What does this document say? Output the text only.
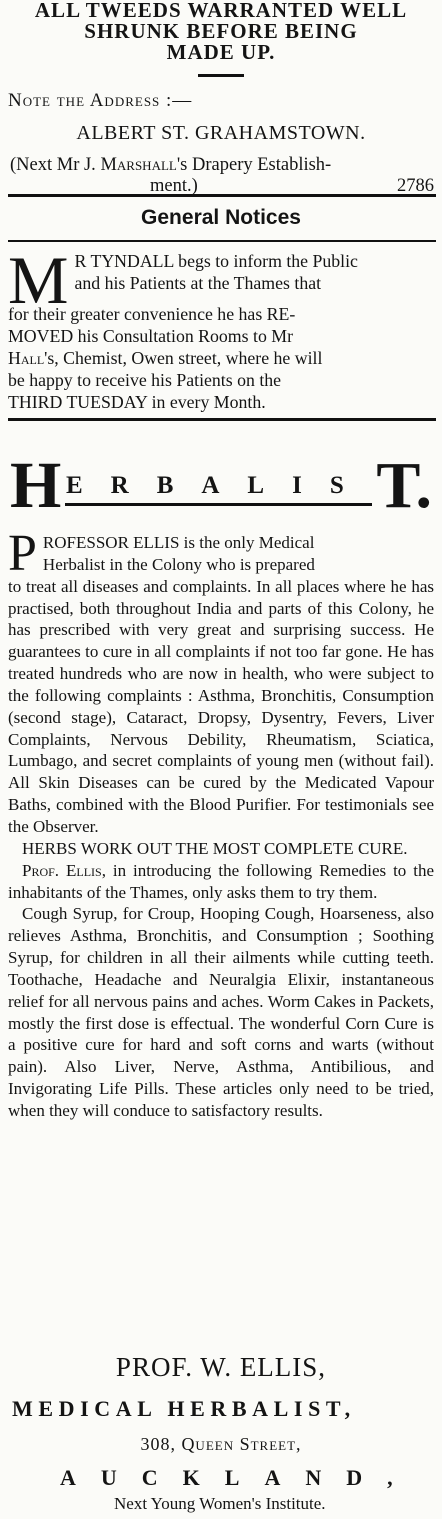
ALL TWEEDS WARRANTED WELL
SHRUNK BEFORE BEING
MADE UP.
Note the Address :—
ALBERT ST. GRAHAMSTOWN.
(Next Mr J. Marshall's Drapery Establish-
ment.)	2786
General Notices
M R TYNDALL begs to inform the Public
and his Patients at the Thames that
for their greater convenience he has RE-
MOVED his Consultation Rooms to Mr
Hall's, Chemist, Owen street, where he will
be happy to receive his Patients on the
THIRD TUESDAY in every Month.
H ERBALIS T.
P ROFESSOR ELLIS is the only Medical
Herbalist in the Colony who is prepared

to treat all diseases and complaints. In all places where he has practised, both throughout India and parts of this Colony, he has prescribed with very great and surprising success. He guarantees to cure in all complaints if not too far gone. He has treated hundreds who are now in health, who were subject to the following complaints : Asthma, Bronchitis, Consumption (second stage), Cataract, Dropsy, Dysentry, Fevers, Liver Complaints, Nervous Debility, Rheumatism, Sciatica, Lumbago, and secret complaints of young men (without fail). All Skin Diseases can be cured by the Medicated Vapour Baths, combined with the Blood Purifier. For testimonials see the Observer.

HERBS WORK OUT THE MOST COMPLETE CURE.

Prof. Ellis, in introducing the following Remedies to the inhabitants of the Thames, only asks them to try them.

Cough Syrup, for Croup, Hooping Cough, Hoarseness, also relieves Asthma, Bronchitis, and Consumption ; Soothing Syrup, for children in all their ailments while cutting teeth. Toothache, Headache and Neuralgia Elixir, instantaneous relief for all nervous pains and aches. Worm Cakes in Packets, mostly the first dose is effectual. The wonderful Corn Cure is a positive cure for hard and soft corns and warts (without pain). Also Liver, Nerve, Asthma, Antibilious, and Invigorating Life Pills. These articles only need to be tried, when they will conduce to satisfactory results.

PROF. W. ELLIS,
MEDICAL HERBALIST,
308, Queen Street,
AUCKLAND,
Next Young Women's Institute.
